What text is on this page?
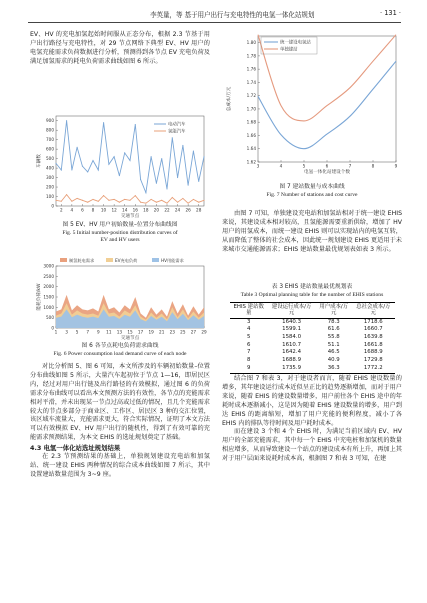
李英量，等 基于用户出行与充电特性的电氢一体化站规划	· 131 ·

EV、HV 的充电加氢起始时间服从正态分布，根据 2.3 节基于用户出行路径与充电特性，对 29 节点网络下典型 EV、HV 用户的电氢充能需求负荷数据进行分析，预测得到各节点 EV 充电负荷及满足加氢需求的耗电负荷需求曲线如图 6 所示。

0
100
200
300
400
500
600
700
800
900
2 4 6 8 10 12 14 16 18 20 22 24 26 28
交通节点
车辆数
电动汽车
氢能汽车
图 5 EV、HV 用户初始数量–位置分布曲线图
Fig. 5 Initial number-position distribution curves of
EV and HV users
0
500
1000
1500
2000
2500
3000
1 3 5 7 9 11 13 15 17 19 21 23 25 27 29
交通节点
能耗负荷/kW
制氢耗电需求	EV充电负荷	HV用能需求
图 6 各节点耗电负荷需求曲线
Fig. 6 Power consumption load demand curve of each node

对比分析图 5、图 6 可知，本文所涉及的车辆初始数量–位置分布曲线如图 5 所示，大量汽车起初位于节点 1—16，即居民区内，经过对用户出行链及出行路径的有效模拟，通过图 6 的负荷需求分布曲线可以看出本文预测方法的有效性，各节点的充能需求相对平滑，并未出现某一节点过高或过低的情况，且几个充能需求较大的节点多部分于商业区、工作区、居民区 3 种的交汇位置，该区域车流量大，充能需求更大，符合实际情况，证明了本文方法可以有效模拟 EV、HV 用户出行的随机性，得到了有效可靠的充能需求预测结果，为本文 EHIS 的选址规划奠定了基础。

4.3 电氢一体化站选址规划结果

在 2.3 节预测结果的基础上，单独规划建设充电站和加氢站、统一建设 EHIS 两种情况的综合成本曲线如图 7 所示，其中设置建站数量范围为 3~9 座。

1.62
1.64
1.66
1.68
1.70
1.72
1.74
1.76
1.78
1.80
3	4	5	6	7	8	9
电氢一体化站建设个数
总成本/万元
统一建设电氢站
单独建站
图 7 建站数量与成本曲线
Fig. 7 Number of stations and cost curve

由图 7 可知，单独建设充电站和加氢站相对于统一建设 EHIS 来说，其建设成本相对较高，且氢能源需要重新供给，增加了 HV 用户的用氢成本，而统一建设 EHIS 则可以实现站内的电氢互转，从而降低了整体的社会成本，因此统一规划建设 EHIS 更适用于未来城市交通能源需求；EHIS 建站数量最优规划表如表 3 所示。

表 3 EHIS 建站数量最优规划表
Table 3 Optimal planning table for the number of EHIS stations
EHIS 建站数量	建设运行成本/万元	用户成本/万元	总社会成本/万元
3	1640.3	78.3	1718.6
4	1599.1	61.6	1660.7
5	1584.0	55.8	1639.8
6	1610.7	51.1	1661.8
7	1642.4	46.5	1688.9
8	1688.9	40.9	1729.8
9	1735.9	36.3	1772.2

结合图 7 和表 3，对于建设者而言，随着 EHIS 建设数量的增多，其年建设运行成本近似呈正比的趋势逐渐增加，而对于用户来说，随着 EHIS 的建设数量增多，用户前往各个 EHIS 途中的年耗时成本逐渐减小，这是因为随着 EHIS 建设数量的增多，用户到达 EHIS 的距离缩短，增加了用户充能的便利程度，减小了各 EHIS 内的排队等待时间及用户耗时成本。

而在建设 3 个和 4 个 EHIS 时，为满足当前区域内 EV、HV 用户的全部充能需求，其中每一个 EHIS 中充电桩和加氢机的数量相应增多，从而导致建设一个站点的建设成本有所上升，再加上其对于用户层面来说耗时成本高，根据图 7 和表 3 可知，在建
